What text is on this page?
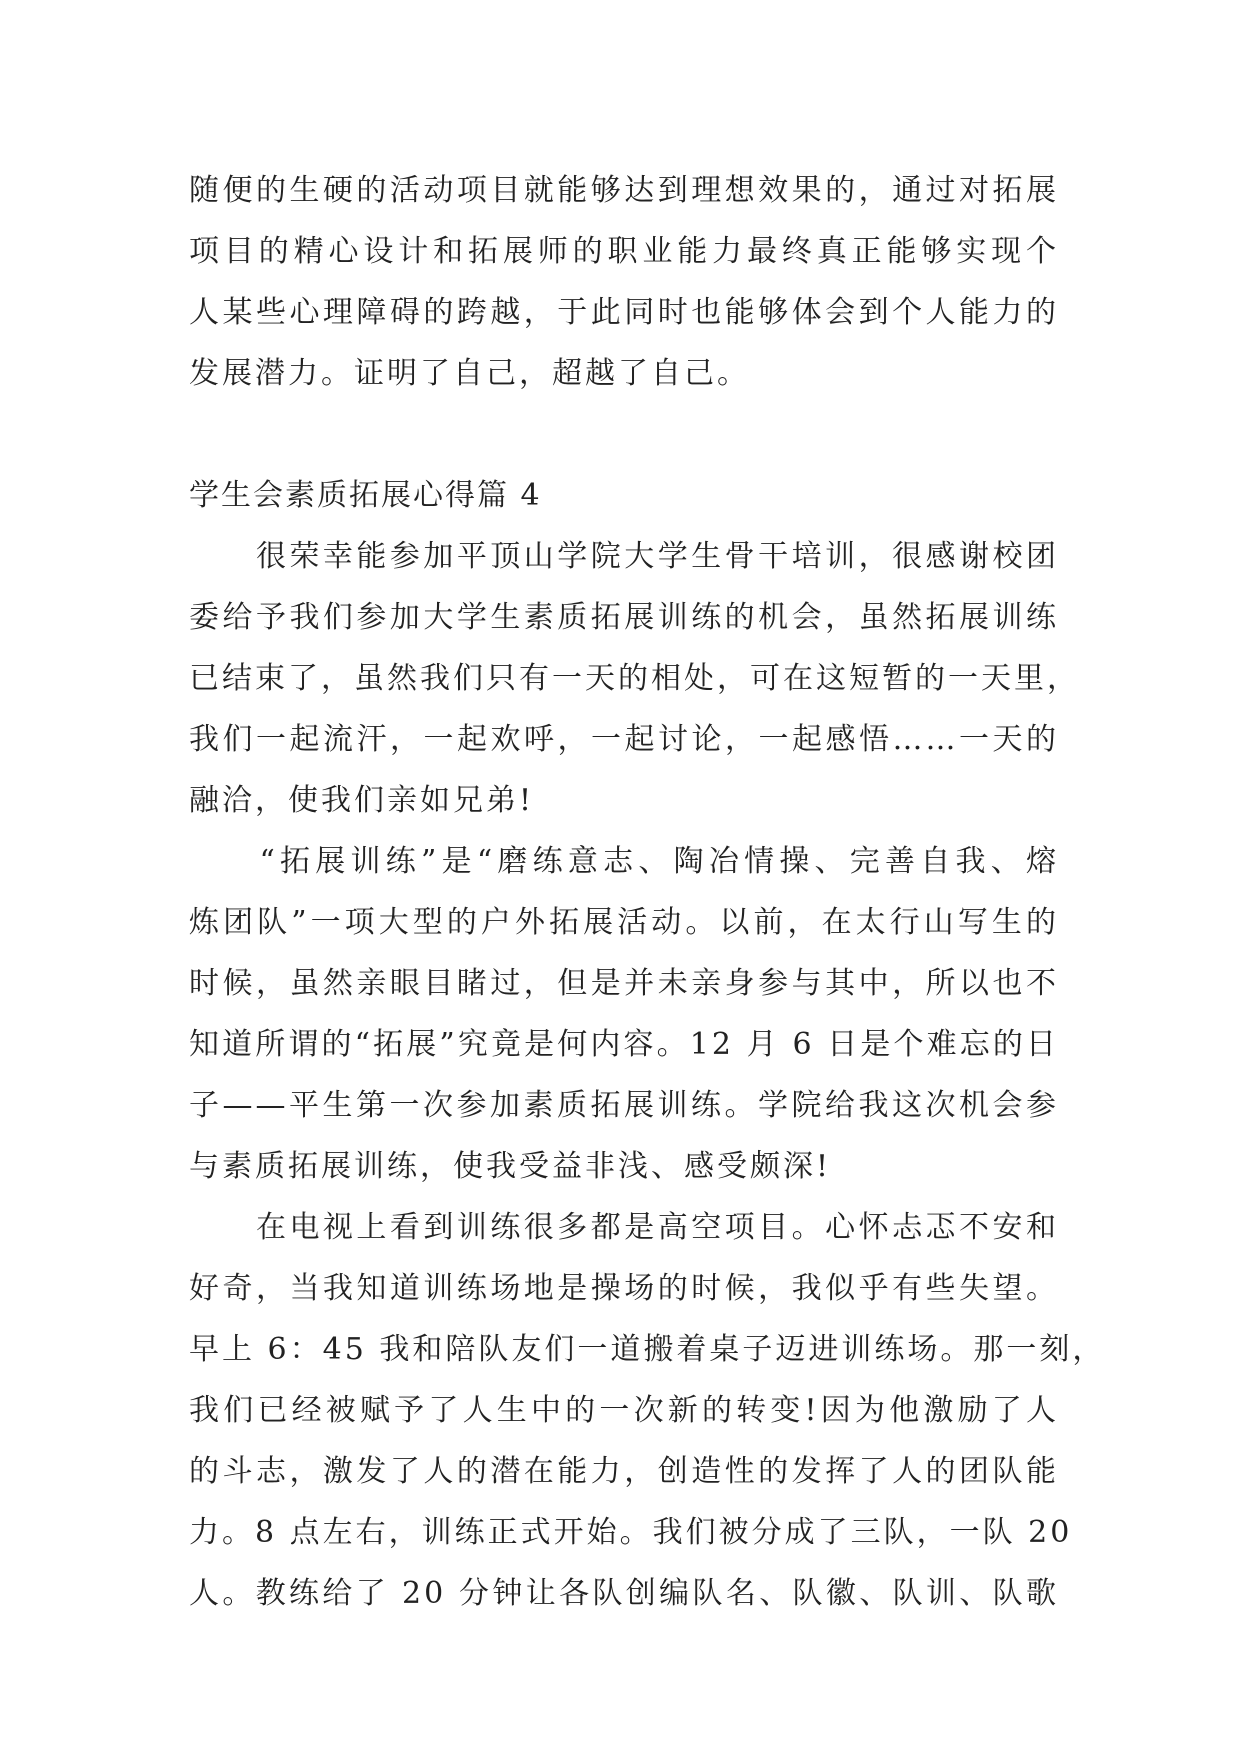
随便的生硬的活动项目就能够达到理想效果的，通过对拓展
项目的精心设计和拓展师的职业能力最终真正能够实现个
人某些心理障碍的跨越，于此同时也能够体会到个人能力的
发展潜力。证明了自己，超越了自己。
学生会素质拓展心得篇 4
　　很荣幸能参加平顶山学院大学生骨干培训，很感谢校团
委给予我们参加大学生素质拓展训练的机会，虽然拓展训练
已结束了，虽然我们只有一天的相处，可在这短暂的一天里，
我们一起流汗，一起欢呼，一起讨论，一起感悟……一天的
融洽，使我们亲如兄弟!
　　“拓展训练”是“磨练意志、陶冶情操、完善自我、熔
炼团队”一项大型的户外拓展活动。以前，在太行山写生的
时候，虽然亲眼目睹过，但是并未亲身参与其中，所以也不
知道所谓的“拓展”究竟是何内容。12 月 6 日是个难忘的日
子——平生第一次参加素质拓展训练。学院给我这次机会参
与素质拓展训练，使我受益非浅、感受颇深!
　　在电视上看到训练很多都是高空项目。心怀忐忑不安和
好奇，当我知道训练场地是操场的时候，我似乎有些失望。
早上 6：45 我和陪队友们一道搬着桌子迈进训练场。那一刻，
我们已经被赋予了人生中的一次新的转变!因为他激励了人
的斗志，激发了人的潜在能力，创造性的发挥了人的团队能
力。8 点左右，训练正式开始。我们被分成了三队，一队 20
人。教练给了 20 分钟让各队创编队名、队徽、队训、队歌
